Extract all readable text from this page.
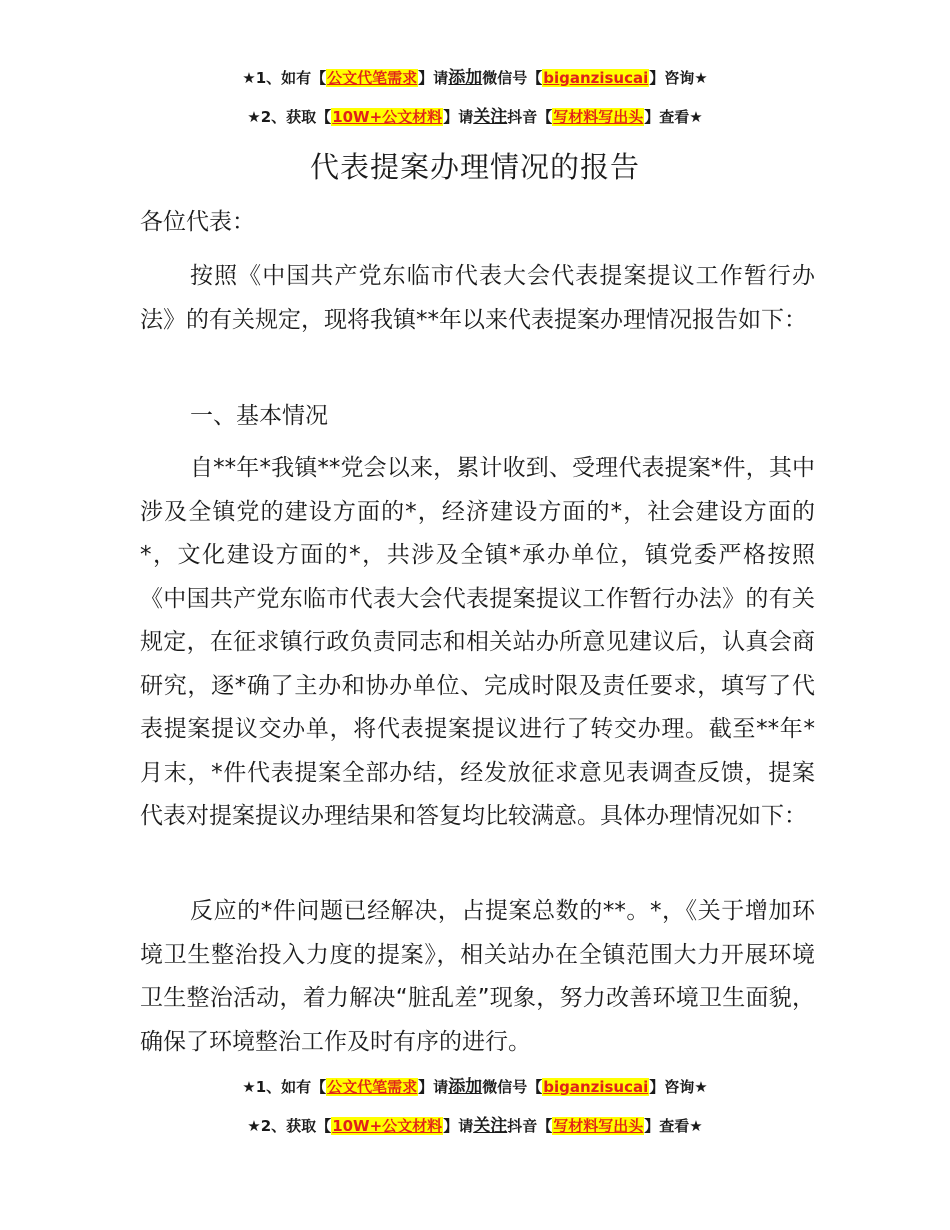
★1、如有【公文代笔需求】请添加微信号【biganzisucai】咨询★
★2、获取【10W+公文材料】请关注抖音【写材料写出头】查看★
代表提案办理情况的报告
各位代表：
按照《中国共产党东临市代表大会代表提案提议工作暂行办法》的有关规定，现将我镇**年以来代表提案办理情况报告如下：
一、基本情况
自**年*我镇**党会以来，累计收到、受理代表提案*件，其中涉及全镇党的建设方面的*，经济建设方面的*，社会建设方面的*，文化建设方面的*，共涉及全镇*承办单位，镇党委严格按照《中国共产党东临市代表大会代表提案提议工作暂行办法》的有关规定，在征求镇行政负责同志和相关站办所意见建议后，认真会商研究，逐*确了主办和协办单位、完成时限及责任要求，填写了代表提案提议交办单，将代表提案提议进行了转交办理。截至**年*月末，*件代表提案全部办结，经发放征求意见表调查反馈，提案代表对提案提议办理结果和答复均比较满意。具体办理情况如下：
反应的*件问题已经解决，占提案总数的**。*，《关于增加环境卫生整治投入力度的提案》，相关站办在全镇范围大力开展环境卫生整治活动，着力解决“脏乱差”现象，努力改善环境卫生面貌，确保了环境整治工作及时有序的进行。
★1、如有【公文代笔需求】请添加微信号【biganzisucai】咨询★
★2、获取【10W+公文材料】请关注抖音【写材料写出头】查看★
